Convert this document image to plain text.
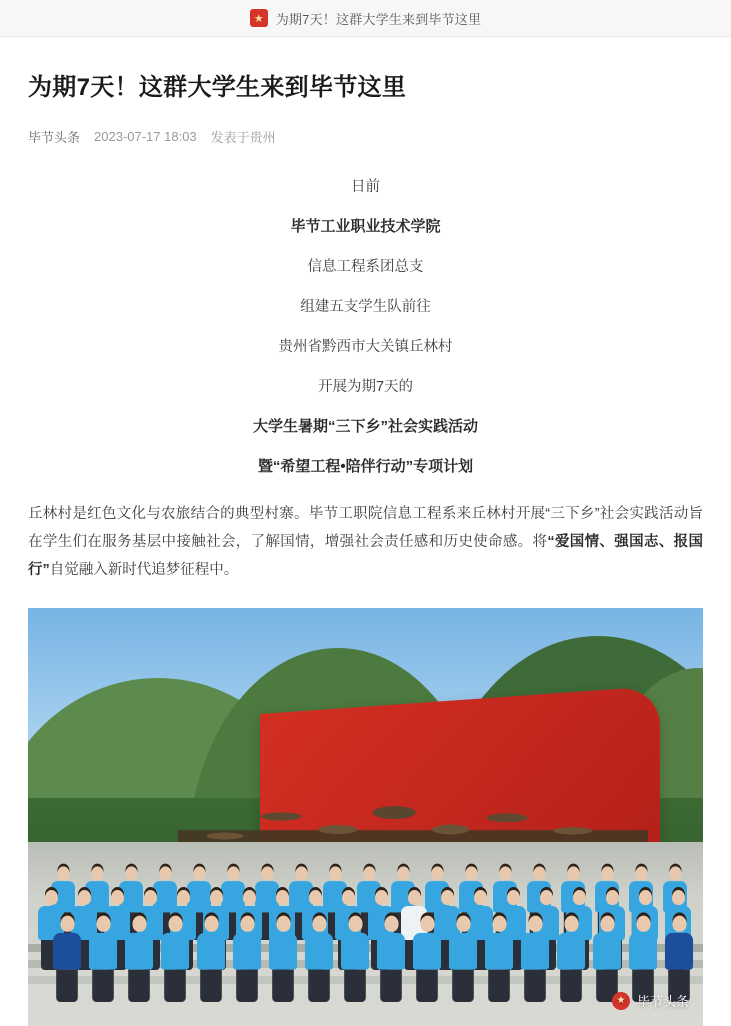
★ 为期7天！这群大学生来到毕节这里
为期7天！这群大学生来到毕节这里
毕节头条 2023-07-17 18:03 发表于贵州

日前

毕节工业职业技术学院

信息工程系团总支

组建五支学生队前往

贵州省黔西市大关镇丘林村

开展为期7天的

大学生暑期“三下乡”社会实践活动

暨“希望工程•陪伴行动”专项计划

丘林村是红色文化与农旅结合的典型村寨。毕节工职院信息工程系来丘林村开展“三下乡”社会实践活动旨在学生们在服务基层中接触社会，了解国情，增强社会责任感和历史使命感。将“爱国情、强国志、报国行”自觉融入新时代追梦征程中。

★ 毕节头条
